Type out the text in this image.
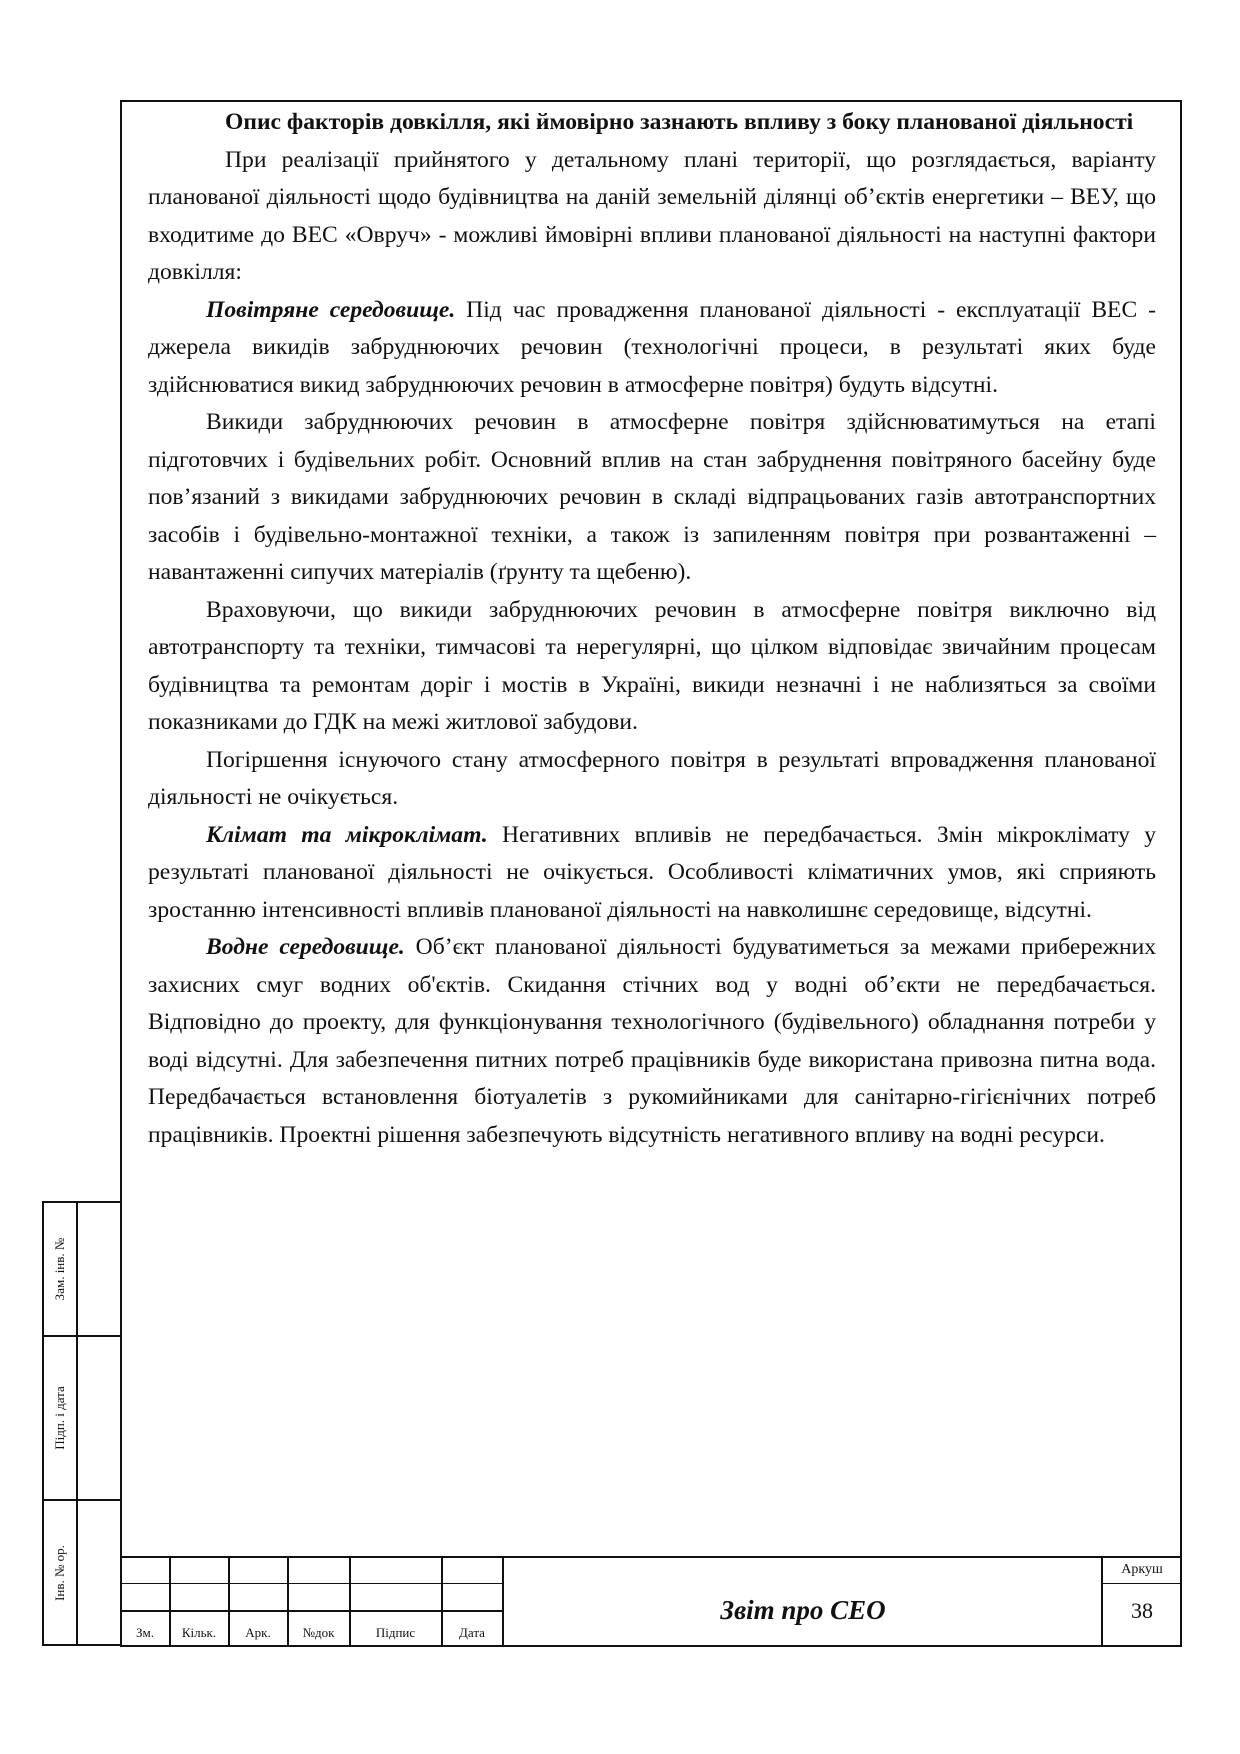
Опис факторів довкілля, які ймовірно зазнають впливу з боку планованої діяльності

При реалізації прийнятого у детальному плані території, що розглядається, варіанту планованої діяльності щодо будівництва на даній земельній ділянці об’єктів енергетики – ВЕУ, що входитиме до ВЕС «Овруч» - можливі ймовірні впливи планованої діяльності на наступні фактори довкілля:

Повітряне середовище. Під час провадження планованої діяльності - експлуатації ВЕС - джерела викидів забруднюючих речовин (технологічні процеси, в результаті яких буде здійснюватися викид забруднюючих речовин в атмосферне повітря) будуть відсутні.

Викиди забруднюючих речовин в атмосферне повітря здійснюватимуться на етапі підготовчих і будівельних робіт. Основний вплив на стан забруднення повітряного басейну буде пов’язаний з викидами забруднюючих речовин в складі відпрацьованих газів автотранспортних засобів і будівельно-монтажної техніки, а також із запиленням повітря при розвантаженні – навантаженні сипучих матеріалів (ґрунту та щебеню).

Враховуючи, що викиди забруднюючих речовин в атмосферне повітря виключно від автотранспорту та техніки, тимчасові та нерегулярні, що цілком відповідає звичайним процесам будівництва та ремонтам доріг і мостів в Україні, викиди незначні і не наблизяться за своїми показниками до ГДК на межі житлової забудови.

Погіршення існуючого стану атмосферного повітря в результаті впровадження планованої діяльності не очікується.

Клімат та мікроклімат. Негативних впливів не передбачається. Змін мікроклімату у результаті планованої діяльності не очікується. Особливості кліматичних умов, які сприяють зростанню інтенсивності впливів планованої діяльності на навколишнє середовище, відсутні.

Водне середовище. Об’єкт планованої діяльності будуватиметься за межами прибережних захисних смуг водних об'єктів. Скидання стічних вод у водні об’єкти не передбачається. Відповідно до проекту, для функціонування технологічного (будівельного) обладнання потреби у воді відсутні. Для забезпечення питних потреб працівників буде використана привозна питна вода. Передбачається встановлення біотуалетів з рукомийниками для санітарно-гігієнічних потреб працівників. Проектні рішення забезпечують відсутність негативного впливу на водні ресурси.

Зам. інв. №
Підп. і дата
Інв. № ор.
Зм.	Кільк.	Арк.	№док	Підпис	Дата
Звіт про СЕО
Аркуш
38
